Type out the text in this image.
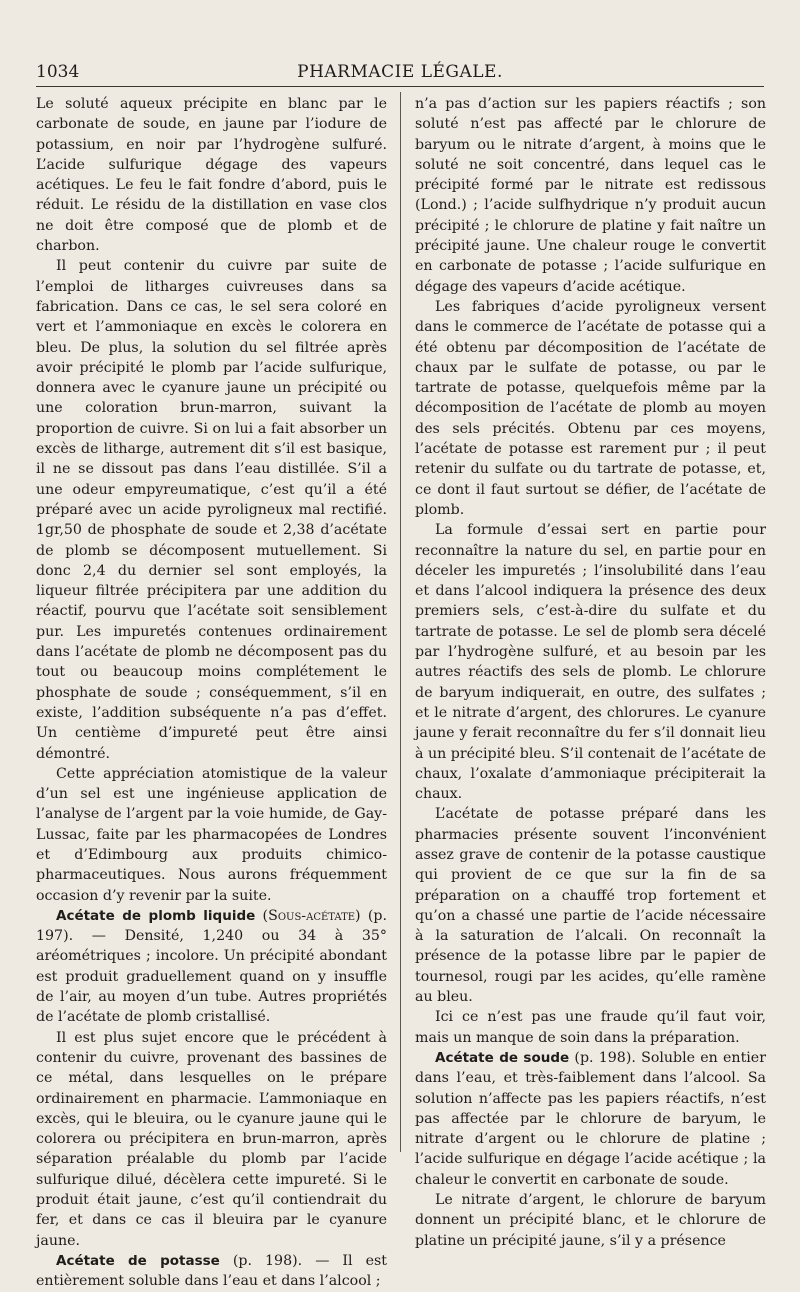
1034	PHARMACIE LÉGALE.

Le soluté aqueux précipite en blanc par le carbonate de soude, en jaune par l’iodure de potassium, en noir par l’hydrogène sulfuré. L’acide sulfurique dégage des vapeurs acétiques. Le feu le fait fondre d’abord, puis le réduit. Le résidu de la distillation en vase clos ne doit être composé que de plomb et de charbon.

Il peut contenir du cuivre par suite de l’emploi de litharges cuivreuses dans sa fabrication. Dans ce cas, le sel sera coloré en vert et l’ammoniaque en excès le colorera en bleu. De plus, la solution du sel filtrée après avoir précipité le plomb par l’acide sulfurique, donnera avec le cyanure jaune un précipité ou une coloration brun-marron, suivant la proportion de cuivre. Si on lui a fait absorber un excès de litharge, autrement dit s’il est basique, il ne se dissout pas dans l’eau distillée. S’il a une odeur empyreumatique, c’est qu’il a été préparé avec un acide pyroligneux mal rectifié. 1gr,50 de phosphate de soude et 2,38 d’acétate de plomb se décomposent mutuellement. Si donc 2,4 du dernier sel sont employés, la liqueur filtrée précipitera par une addition du réactif, pourvu que l’acétate soit sensiblement pur. Les impuretés contenues ordinairement dans l’acétate de plomb ne décomposent pas du tout ou beaucoup moins complétement le phosphate de soude ; conséquemment, s’il en existe, l’addition subséquente n’a pas d’effet. Un centième d’impureté peut être ainsi démontré.

Cette appréciation atomistique de la valeur d’un sel est une ingénieuse application de l’analyse de l’argent par la voie humide, de Gay-Lussac, faite par les pharmacopées de Londres et d’Edimbourg aux produits chimico-pharmaceutiques. Nous aurons fréquemment occasion d’y revenir par la suite.

Acétate de plomb liquide (Sous-acétate) (p. 197). — Densité, 1,240 ou 34 à 35° aréométriques ; incolore. Un précipité abondant est produit graduellement quand on y insuffle de l’air, au moyen d’un tube. Autres propriétés de l’acétate de plomb cristallisé.

Il est plus sujet encore que le précédent à contenir du cuivre, provenant des bassines de ce métal, dans lesquelles on le prépare ordinairement en pharmacie. L’ammoniaque en excès, qui le bleuira, ou le cyanure jaune qui le colorera ou précipitera en brun-marron, après séparation préalable du plomb par l’acide sulfurique dilué, décèlera cette impureté. Si le produit était jaune, c’est qu’il contiendrait du fer, et dans ce cas il bleuira par le cyanure jaune.

Acétate de potasse (p. 198). — Il est entièrement soluble dans l’eau et dans l’alcool ;

n’a pas d’action sur les papiers réactifs ; son soluté n’est pas affecté par le chlorure de baryum ou le nitrate d’argent, à moins que le soluté ne soit concentré, dans lequel cas le précipité formé par le nitrate est redissous (Lond.) ; l’acide sulfhydrique n’y produit aucun précipité ; le chlorure de platine y fait naître un précipité jaune. Une chaleur rouge le convertit en carbonate de potasse ; l’acide sulfurique en dégage des vapeurs d’acide acétique.

Les fabriques d’acide pyroligneux versent dans le commerce de l’acétate de potasse qui a été obtenu par décomposition de l’acétate de chaux par le sulfate de potasse, ou par le tartrate de potasse, quelquefois même par la décomposition de l’acétate de plomb au moyen des sels précités. Obtenu par ces moyens, l’acétate de potasse est rarement pur ; il peut retenir du sulfate ou du tartrate de potasse, et, ce dont il faut surtout se défier, de l’acétate de plomb.

La formule d’essai sert en partie pour reconnaître la nature du sel, en partie pour en déceler les impuretés ; l’insolubilité dans l’eau et dans l’alcool indiquera la présence des deux premiers sels, c’est-à-dire du sulfate et du tartrate de potasse. Le sel de plomb sera décelé par l’hydrogène sulfuré, et au besoin par les autres réactifs des sels de plomb. Le chlorure de baryum indiquerait, en outre, des sulfates ; et le nitrate d’argent, des chlorures. Le cyanure jaune y ferait reconnaître du fer s’il donnait lieu à un précipité bleu. S’il contenait de l’acétate de chaux, l’oxalate d’ammoniaque précipiterait la chaux.

L’acétate de potasse préparé dans les pharmacies présente souvent l’inconvénient assez grave de contenir de la potasse caustique qui provient de ce que sur la fin de sa préparation on a chauffé trop fortement et qu’on a chassé une partie de l’acide nécessaire à la saturation de l’alcali. On reconnaît la présence de la potasse libre par le papier de tournesol, rougi par les acides, qu’elle ramène au bleu.

Ici ce n’est pas une fraude qu’il faut voir, mais un manque de soin dans la préparation.

Acétate de soude (p. 198). Soluble en entier dans l’eau, et très-faiblement dans l’alcool. Sa solution n’affecte pas les papiers réactifs, n’est pas affectée par le chlorure de baryum, le nitrate d’argent ou le chlorure de platine ; l’acide sulfurique en dégage l’acide acétique ; la chaleur le convertit en carbonate de soude.

Le nitrate d’argent, le chlorure de baryum donnent un précipité blanc, et le chlorure de platine un précipité jaune, s’il y a présence
